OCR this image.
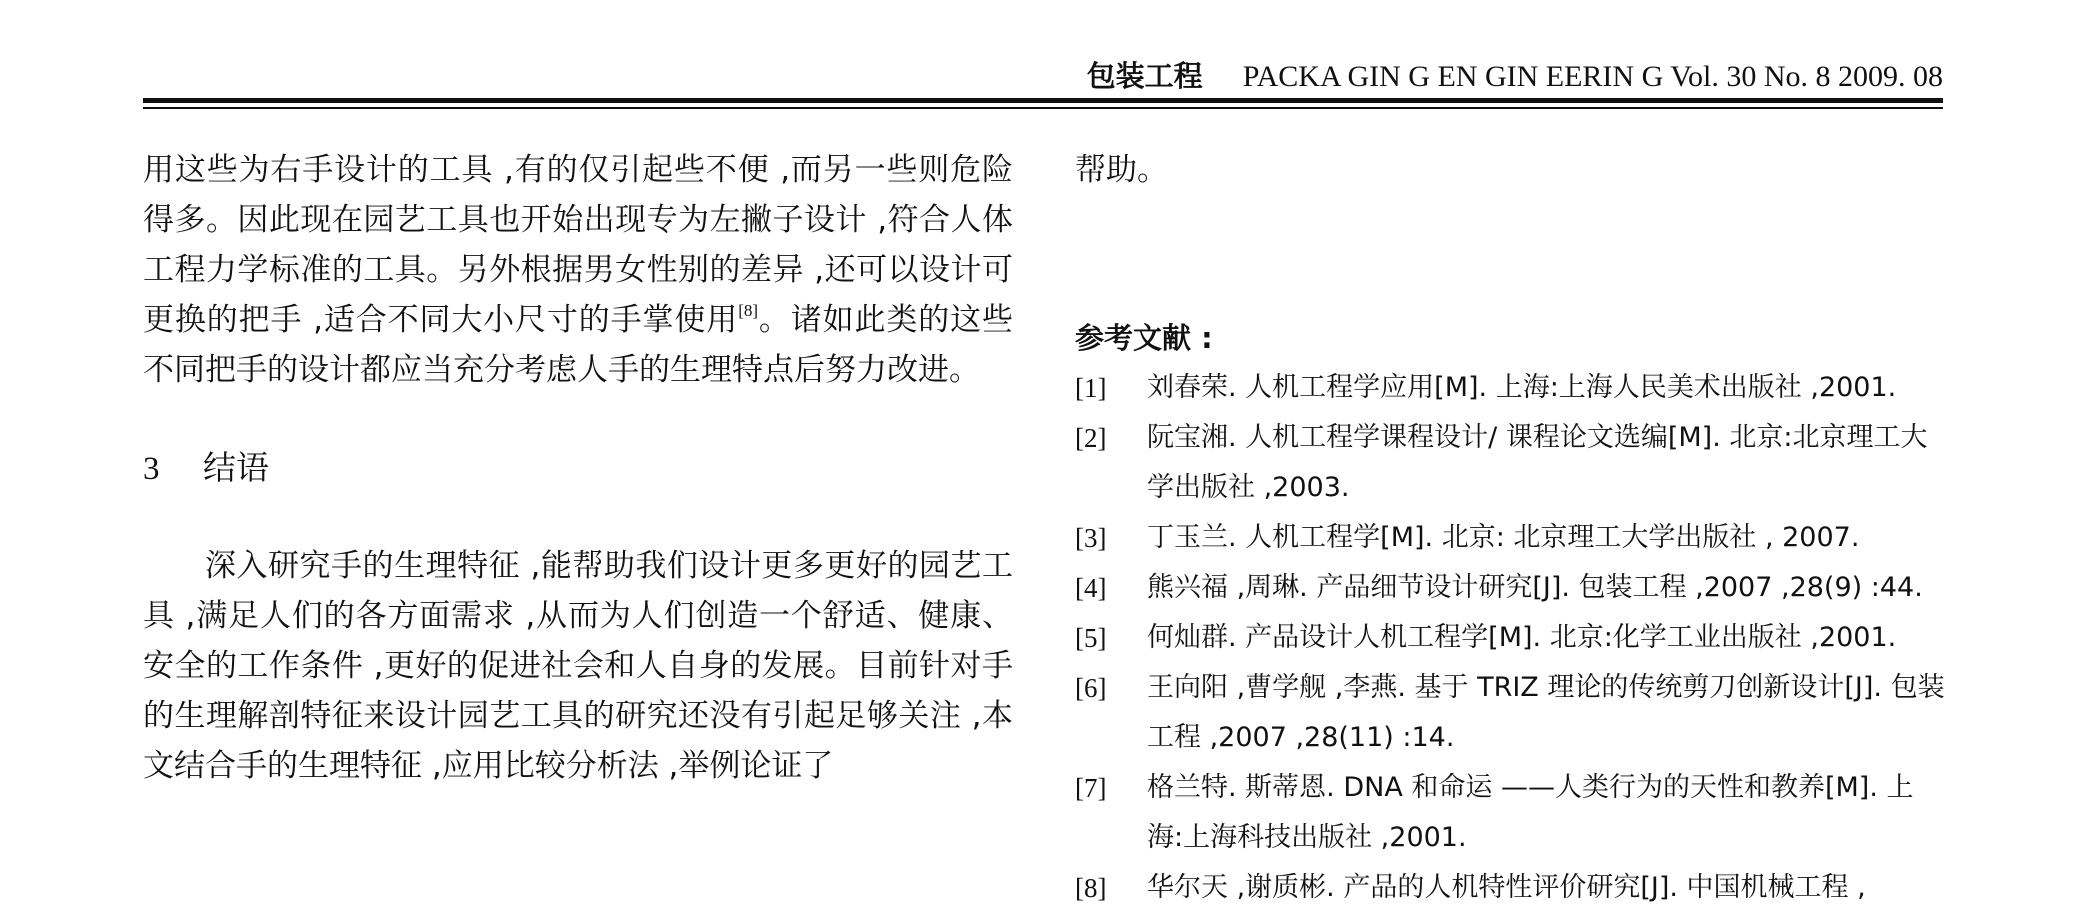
包装工程 PACKA GIN G EN GIN EERIN G Vol. 30 No. 8 2009. 08

用这些为右手设计的工具 ,有的仅引起些不便 ,而另一些则危险得多。因此现在园艺工具也开始出现专为左撇子设计 ,符合人体工程力学标准的工具。另外根据男女性别的差异 ,还可以设计可更换的把手 ,适合不同大小尺寸的手掌使用[8]。诸如此类的这些不同把手的设计都应当充分考虑人手的生理特点后努力改进。

3 结语

深入研究手的生理特征 ,能帮助我们设计更多更好的园艺工具 ,满足人们的各方面需求 ,从而为人们创造一个舒适、健康、安全的工作条件 ,更好的促进社会和人自身的发展。目前针对手的生理解剖特征来设计园艺工具的研究还没有引起足够关注 ,本文结合手的生理特征 ,应用比较分析法 ,举例论证了

帮助。

参考文献 :
[1] 刘春荣. 人机工程学应用[M]. 上海:上海人民美术出版社 ,2001.
[2] 阮宝湘. 人机工程学课程设计/ 课程论文选编[M]. 北京:北京理工大学出版社 ,2003.
[3] 丁玉兰. 人机工程学[M]. 北京: 北京理工大学出版社 , 2007.
[4] 熊兴福 ,周琳. 产品细节设计研究[J]. 包装工程 ,2007 ,28(9) :44.
[5] 何灿群. 产品设计人机工程学[M]. 北京:化学工业出版社 ,2001.
[6] 王向阳 ,曹学舰 ,李燕. 基于 TRIZ 理论的传统剪刀创新设计[J]. 包装工程 ,2007 ,28(11) :14.
[7] 格兰特. 斯蒂恩. DNA 和命运 ——人类行为的天性和教养[M]. 上海:上海科技出版社 ,2001.
[8] 华尔天 ,谢质彬. 产品的人机特性评价研究[J]. 中国机械工程 ,
